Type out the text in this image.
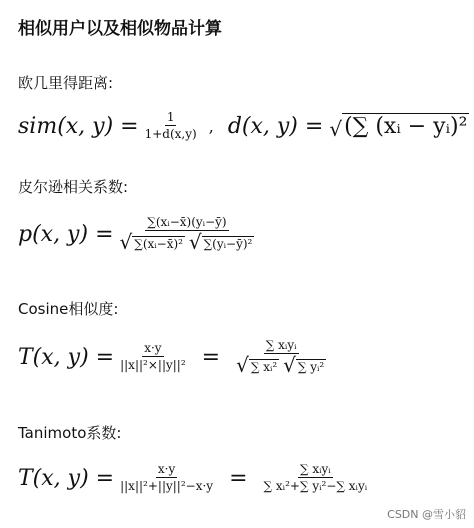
相似用户以及相似物品计算
欧几里得距离:
sim(x, $y) = \frac{1}{1+d(x,y)}$ , d(x, y) = √ (∑ (xᵢ − yᵢ)²
皮尔逊相关系数:
p(x, y) = ∑(xᵢ−x̄)(yᵢ−ȳ)
√ ∑(xᵢ−x̄)²
√ ∑(yᵢ−ȳ)²
Cosine相似度:
T(x, $y) = \frac{x\cdot y}{\text{||x||²×||y||²}}$ = ∑ xᵢyᵢ
√ ∑ xᵢ²
√ ∑ yᵢ²
Tanimoto系数:
T(x, $y) = \frac{x\cdot y}{\text{||x||²+||y||²−x·y}} = \frac{\text{∑ xᵢyᵢ}}{\text{∑ xᵢ²+∑ yᵢ²−∑ xᵢyᵢ}}$
CSDN @雪小貂
